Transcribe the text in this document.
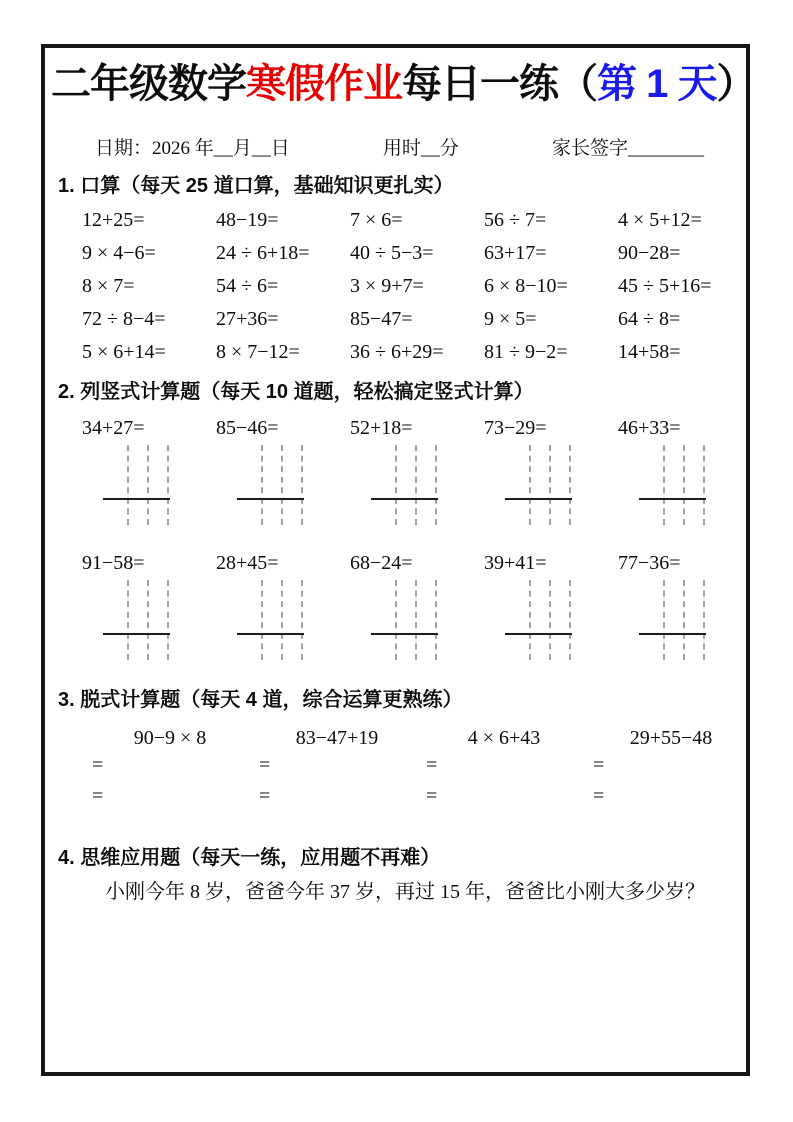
二年级数学寒假作业每日一练（第 1 天）
日期：2026 年__月__日	用时__分	家长签字________
1. 口算（每天 25 道口算，基础知识更扎实）
12+25=	48−19=	7 × 6=	56 ÷ 7=	4 × 5+12=
9 × 4−6=	24 ÷ 6+18=	40 ÷ 5−3=	63+17=	90−28=
8 × 7=	54 ÷ 6=	3 × 9+7=	6 × 8−10=	45 ÷ 5+16=
72 ÷ 8−4=	27+36=	85−47=	9 × 5=	64 ÷ 8=
5 × 6+14=	8 × 7−12=	36 ÷ 6+29=	81 ÷ 9−2=	14+58=
2. 列竖式计算题（每天 10 道题，轻松搞定竖式计算）
34+27=	85−46=	52+18=	73−29=	46+33=
91−58=	28+45=	68−24=	39+41=	77−36=
3. 脱式计算题（每天 4 道，综合运算更熟练）
90−9 × 8
=
=
83−47+19
=
=
4 × 6+43
=
=
29+55−48
=
=
4. 思维应用题（每天一练，应用题不再难）
小刚今年 8 岁，爸爸今年 37 岁，再过 15 年，爸爸比小刚大多少岁？
